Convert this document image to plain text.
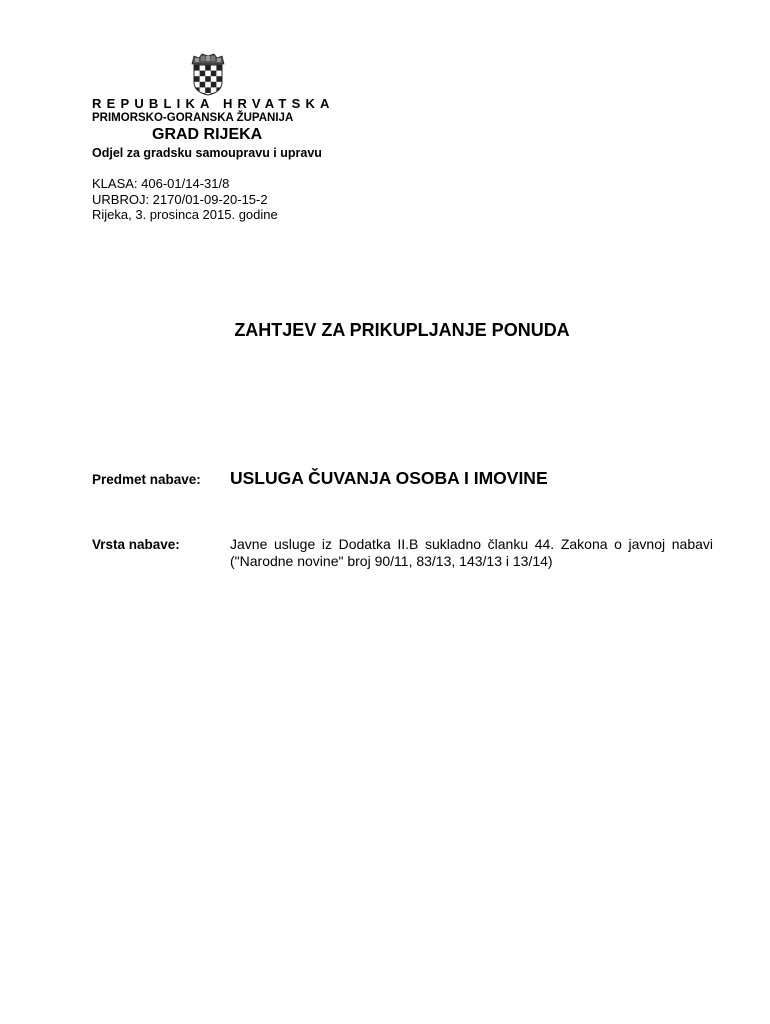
REPUBLIKA HRVATSKA
PRIMORSKO-GORANSKA ŽUPANIJA
GRAD RIJEKA
Odjel za gradsku samoupravu i upravu
KLASA: 406-01/14-31/8
URBROJ: 2170/01-09-20-15-2
Rijeka, 3. prosinca 2015. godine
ZAHTJEV ZA PRIKUPLJANJE PONUDA
Predmet nabave: USLUGA ČUVANJA OSOBA I IMOVINE
Vrsta nabave:	Javne usluge iz Dodatka II.B sukladno članku 44. Zakona o javnoj nabavi ("Narodne novine" broj 90/11, 83/13, 143/13 i 13/14)
